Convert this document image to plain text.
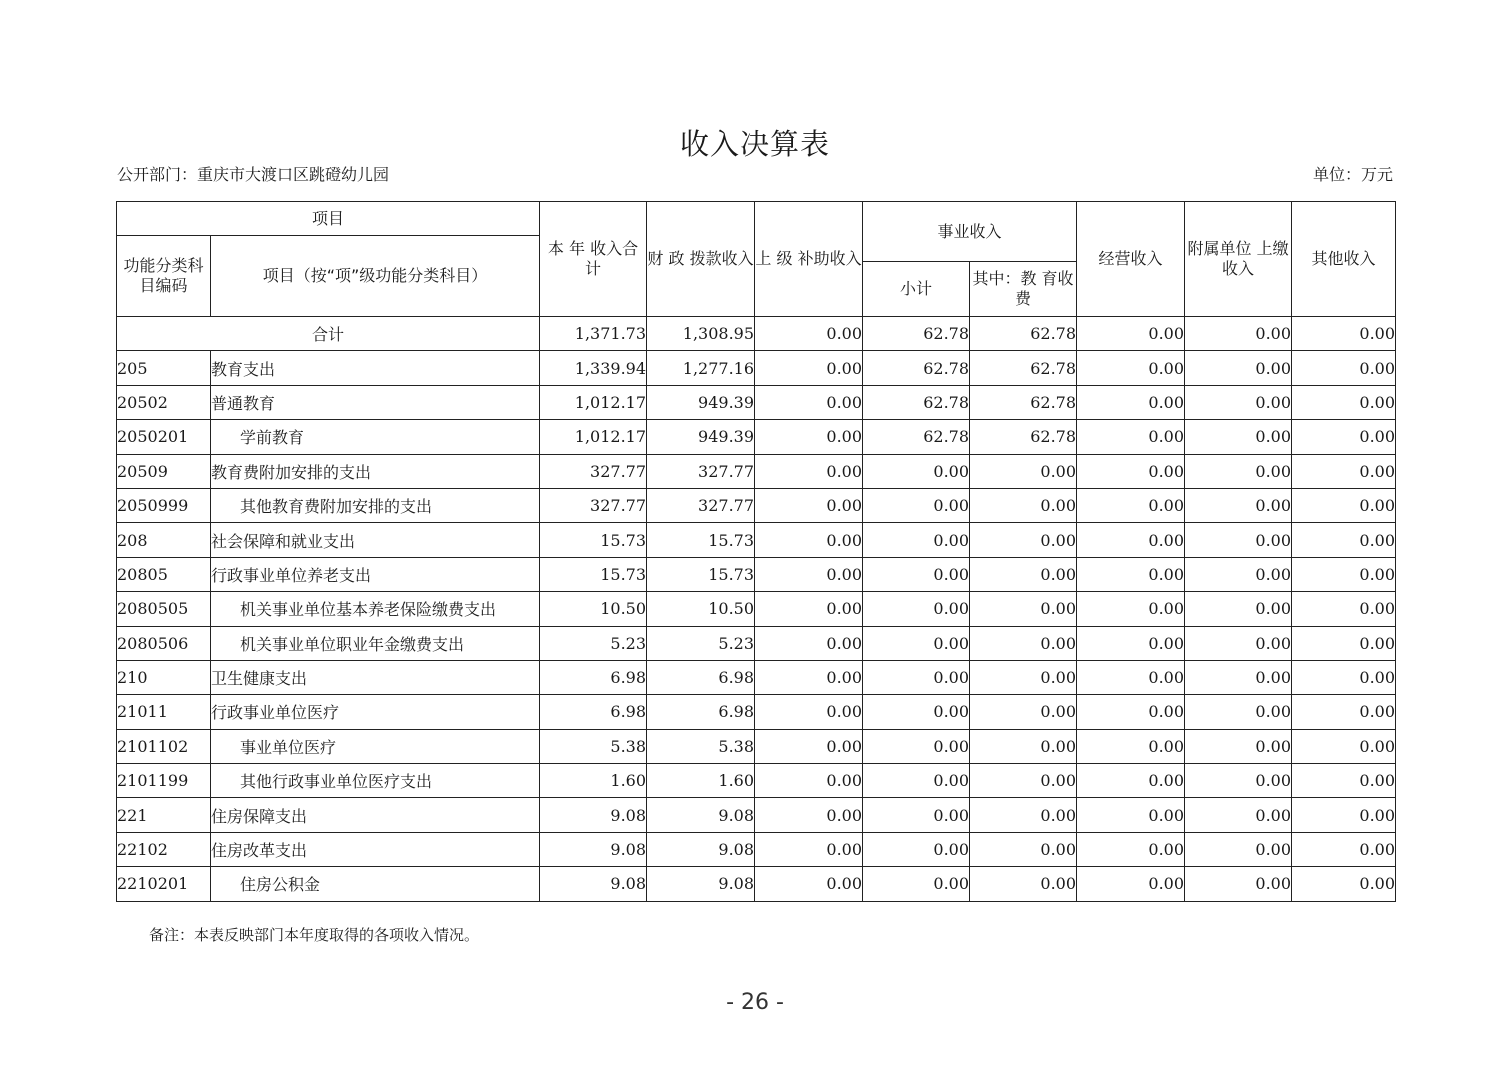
收入决算表
公开部门：重庆市大渡口区跳磴幼儿园	单位：万元
项目		本 年 收入合计	财 政 拨款收入	上 级 补助收入	事业收入		经营收入	附属单位 上缴收入	其他收入
功能分类科目编码	项目（按“项”级功能分类科目）								
					小计	其中：教 育收费			
合计		1,371.73	1,308.95	0.00	62.78	62.78	0.00	0.00	0.00
205	教育支出	1,339.94	1,277.16	0.00	62.78	62.78	0.00	0.00	0.00
20502	普通教育	1,012.17	949.39	0.00	62.78	62.78	0.00	0.00	0.00
2050201	学前教育	1,012.17	949.39	0.00	62.78	62.78	0.00	0.00	0.00
20509	教育费附加安排的支出	327.77	327.77	0.00	0.00	0.00	0.00	0.00	0.00
2050999	其他教育费附加安排的支出	327.77	327.77	0.00	0.00	0.00	0.00	0.00	0.00
208	社会保障和就业支出	15.73	15.73	0.00	0.00	0.00	0.00	0.00	0.00
20805	行政事业单位养老支出	15.73	15.73	0.00	0.00	0.00	0.00	0.00	0.00
2080505	机关事业单位基本养老保险缴费支出	10.50	10.50	0.00	0.00	0.00	0.00	0.00	0.00
2080506	机关事业单位职业年金缴费支出	5.23	5.23	0.00	0.00	0.00	0.00	0.00	0.00
210	卫生健康支出	6.98	6.98	0.00	0.00	0.00	0.00	0.00	0.00
21011	行政事业单位医疗	6.98	6.98	0.00	0.00	0.00	0.00	0.00	0.00
2101102	事业单位医疗	5.38	5.38	0.00	0.00	0.00	0.00	0.00	0.00
2101199	其他行政事业单位医疗支出	1.60	1.60	0.00	0.00	0.00	0.00	0.00	0.00
221	住房保障支出	9.08	9.08	0.00	0.00	0.00	0.00	0.00	0.00
22102	住房改革支出	9.08	9.08	0.00	0.00	0.00	0.00	0.00	0.00
2210201	住房公积金	9.08	9.08	0.00	0.00	0.00	0.00	0.00	0.00
备注：本表反映部门本年度取得的各项收入情况。
- 26 -
